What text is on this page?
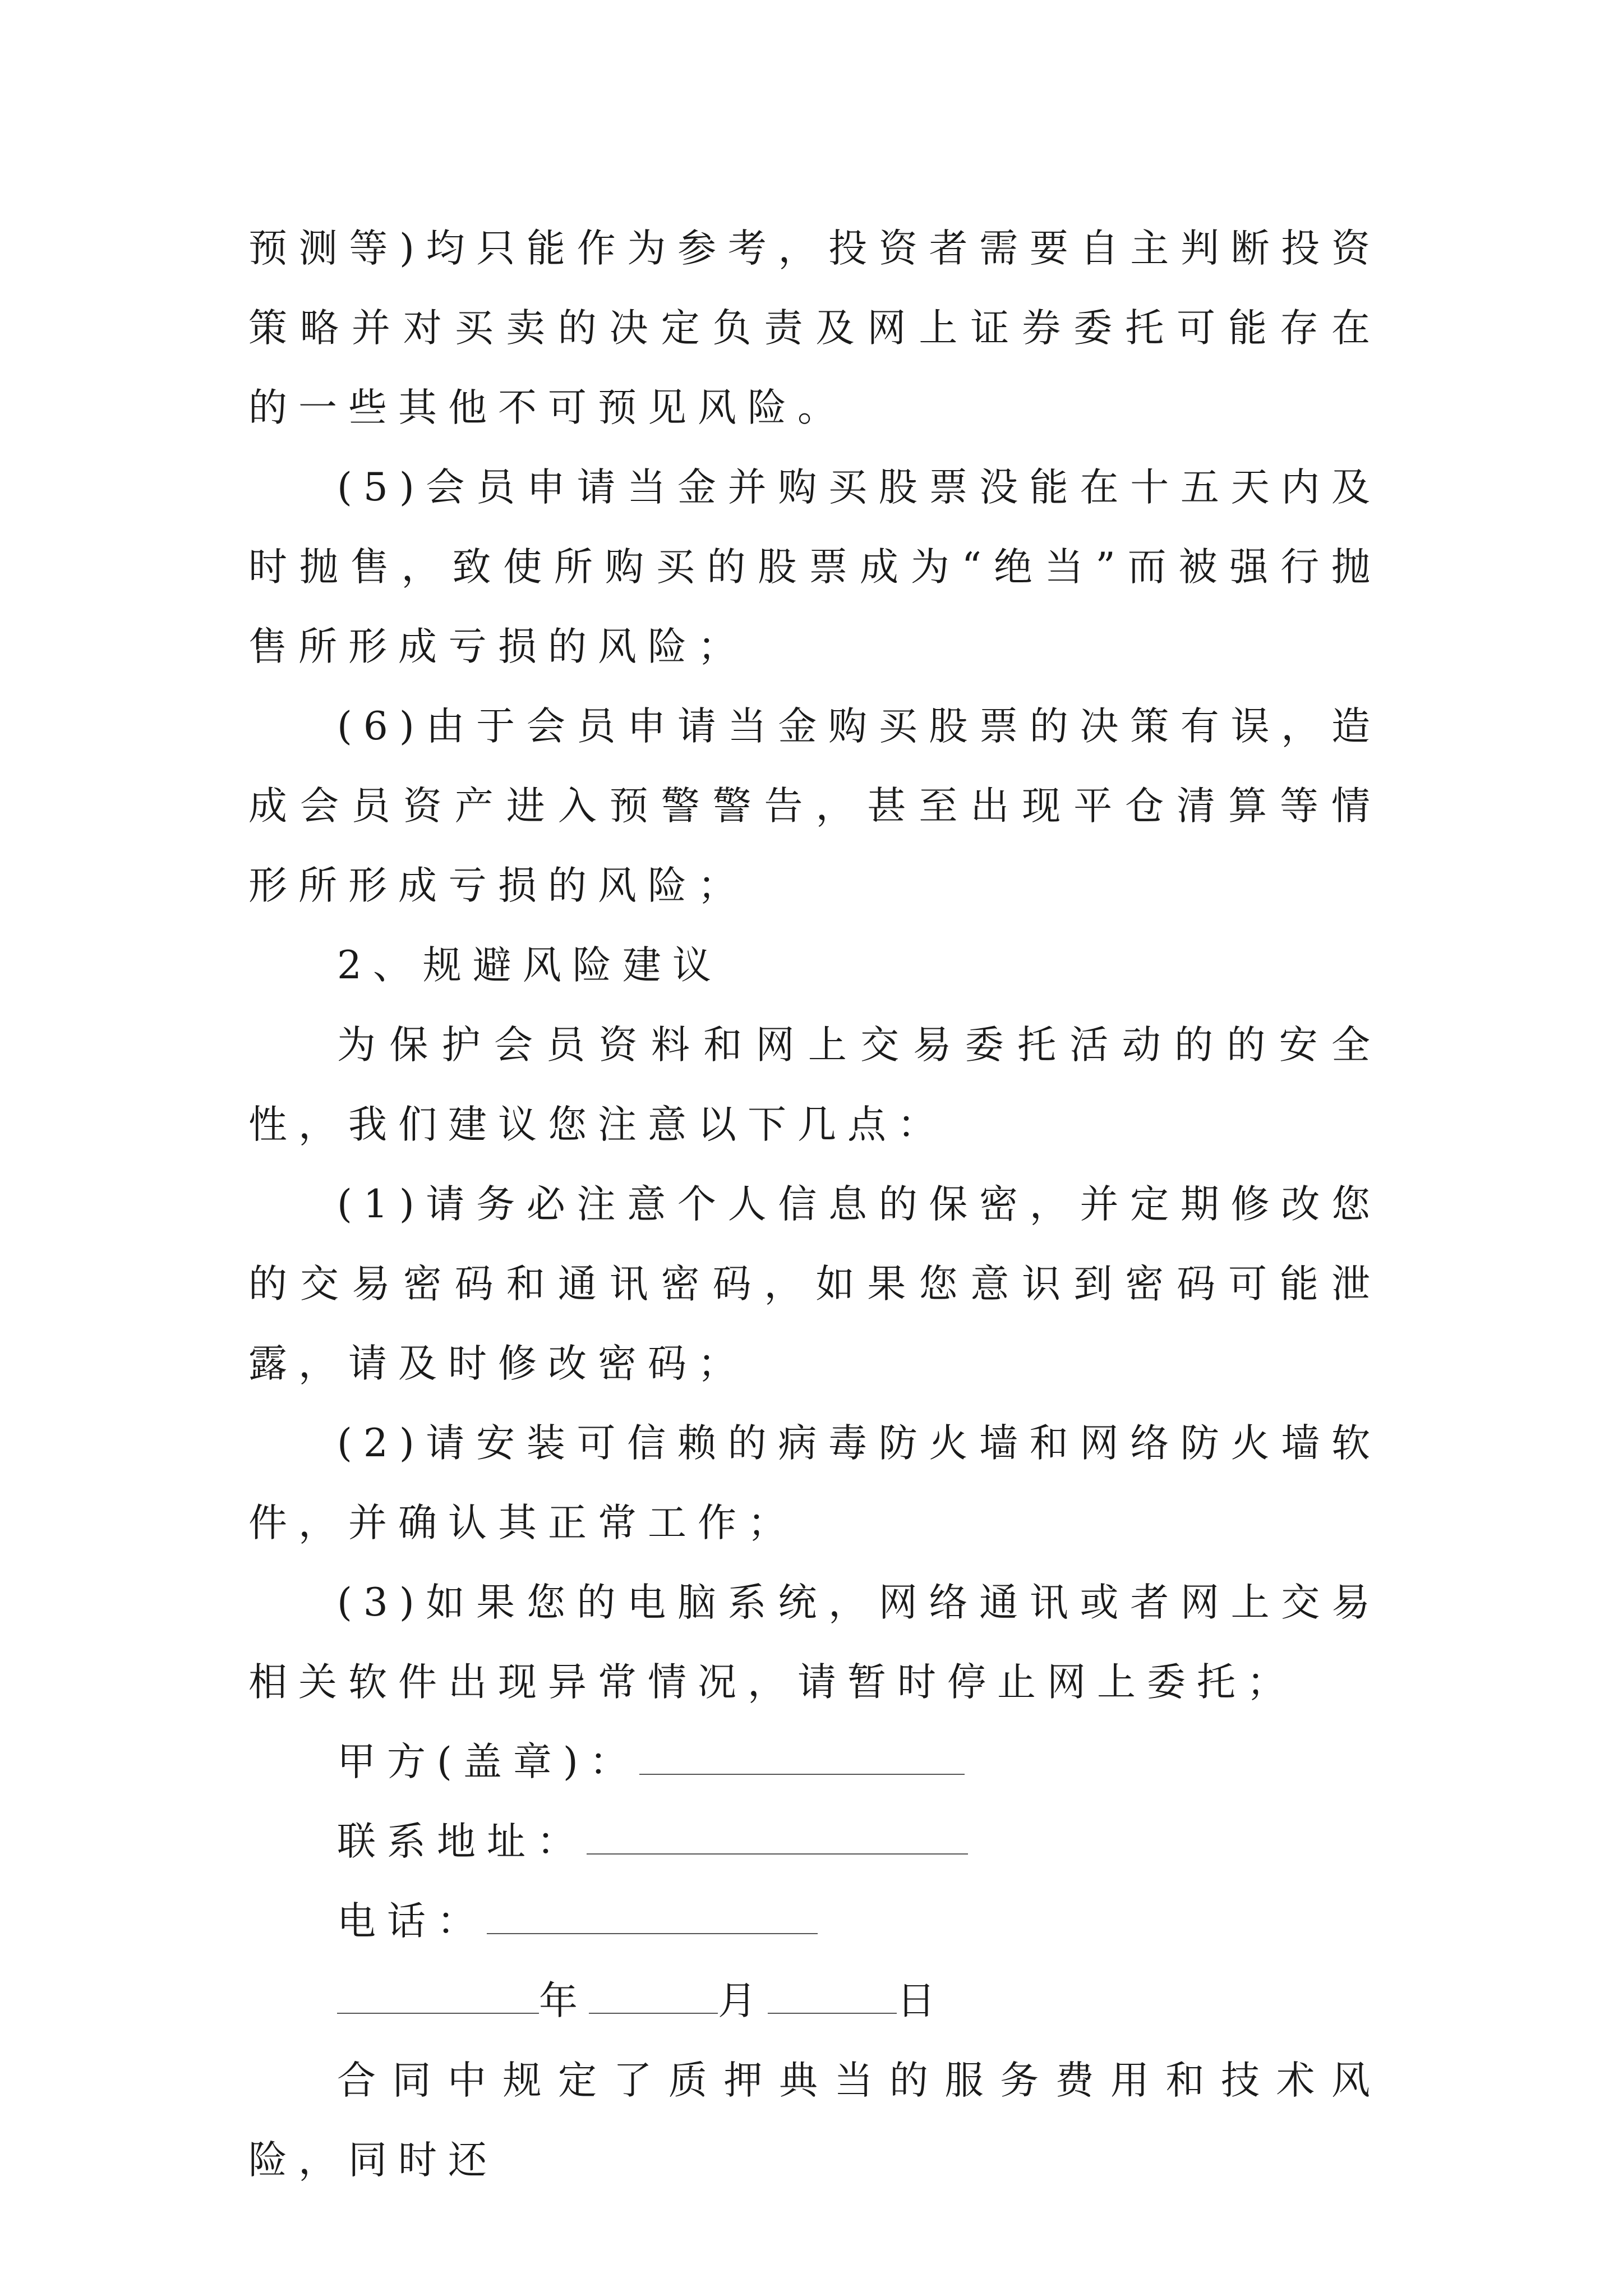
预测等)均只能作为参考，投资者需要自主判断投资策略并对买卖的决定负责及网上证券委托可能存在的一些其他不可预见风险。

(5)会员申请当金并购买股票没能在十五天内及时抛售，致使所购买的股票成为“绝当”而被强行抛售所形成亏损的风险；

(6)由于会员申请当金购买股票的决策有误，造成会员资产进入预警警告，甚至出现平仓清算等情形所形成亏损的风险；

2、规避风险建议

为保护会员资料和网上交易委托活动的的安全性，我们建议您注意以下几点：

(1)请务必注意个人信息的保密，并定期修改您的交易密码和通讯密码，如果您意识到密码可能泄露，请及时修改密码；

(2)请安装可信赖的病毒防火墙和网络防火墙软件，并确认其正常工作；

(3)如果您的电脑系统，网络通讯或者网上交易相关软件出现异常情况，请暂时停止网上委托；

甲方(盖章)：

联系地址：

电话：

年	月	日

合同中规定了质押典当的服务费用和技术风险，同时还
